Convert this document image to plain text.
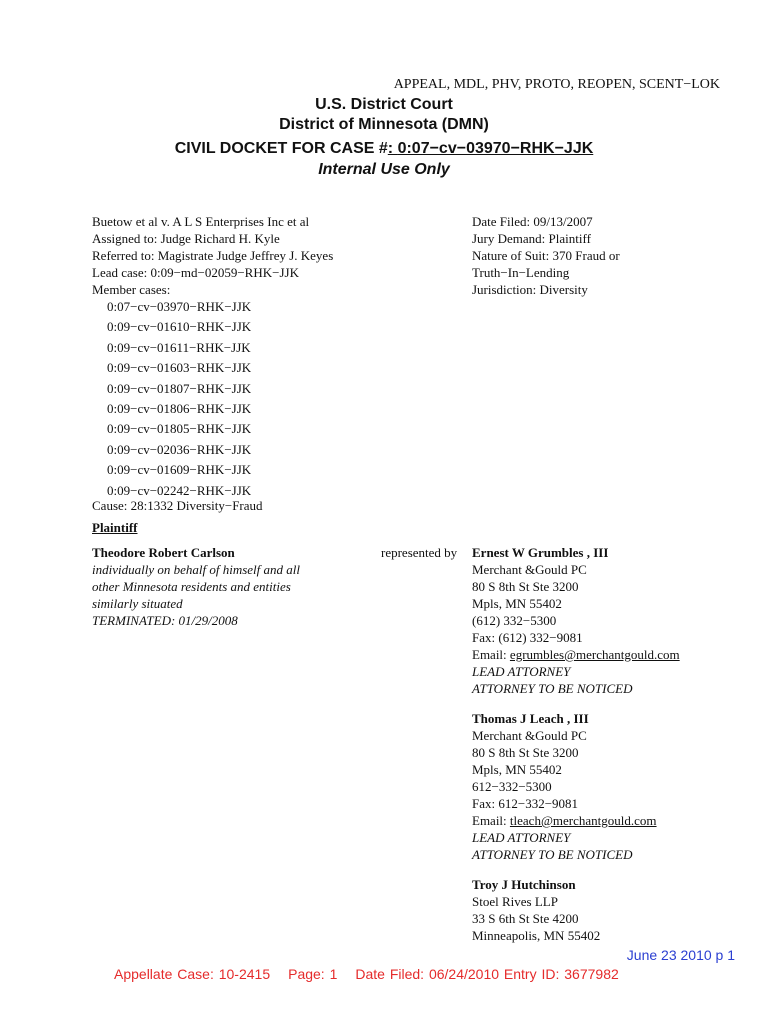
APPEAL, MDL, PHV, PROTO, REOPEN, SCENT−LOK
U.S. District Court
District of Minnesota (DMN)
CIVIL DOCKET FOR CASE #: 0:07−cv−03970−RHK−JJK
Internal Use Only
Buetow et al v. A L S Enterprises Inc et al
Assigned to: Judge Richard H. Kyle
Referred to: Magistrate Judge Jeffrey J. Keyes
Lead case: 0:09−md−02059−RHK−JJK
Member cases:
0:07−cv−03970−RHK−JJK
0:09−cv−01610−RHK−JJK
0:09−cv−01611−RHK−JJK
0:09−cv−01603−RHK−JJK
0:09−cv−01807−RHK−JJK
0:09−cv−01806−RHK−JJK
0:09−cv−01805−RHK−JJK
0:09−cv−02036−RHK−JJK
0:09−cv−01609−RHK−JJK
0:09−cv−02242−RHK−JJK
Cause: 28:1332 Diversity−Fraud
Date Filed: 09/13/2007
Jury Demand: Plaintiff
Nature of Suit: 370 Fraud or
Truth−In−Lending
Jurisdiction: Diversity
Plaintiff
Theodore Robert Carlson
individually on behalf of himself and all
other Minnesota residents and entities
similarly situated
TERMINATED: 01/29/2008
represented by Ernest W Grumbles , III
Merchant &Gould PC
80 S 8th St Ste 3200
Mpls, MN 55402
(612) 332−5300
Fax: (612) 332−9081
Email: egrumbles@merchantgould.com
LEAD ATTORNEY
ATTORNEY TO BE NOTICED
Thomas J Leach , III
Merchant &Gould PC
80 S 8th St Ste 3200
Mpls, MN 55402
612−332−5300
Fax: 612−332−9081
Email: tleach@merchantgould.com
LEAD ATTORNEY
ATTORNEY TO BE NOTICED
Troy J Hutchinson
Stoel Rives LLP
33 S 6th St Ste 4200
Minneapolis, MN 55402
June 23 2010 p 1
Appellate Case: 10-2415 Page: 1 Date Filed: 06/24/2010 Entry ID: 3677982
